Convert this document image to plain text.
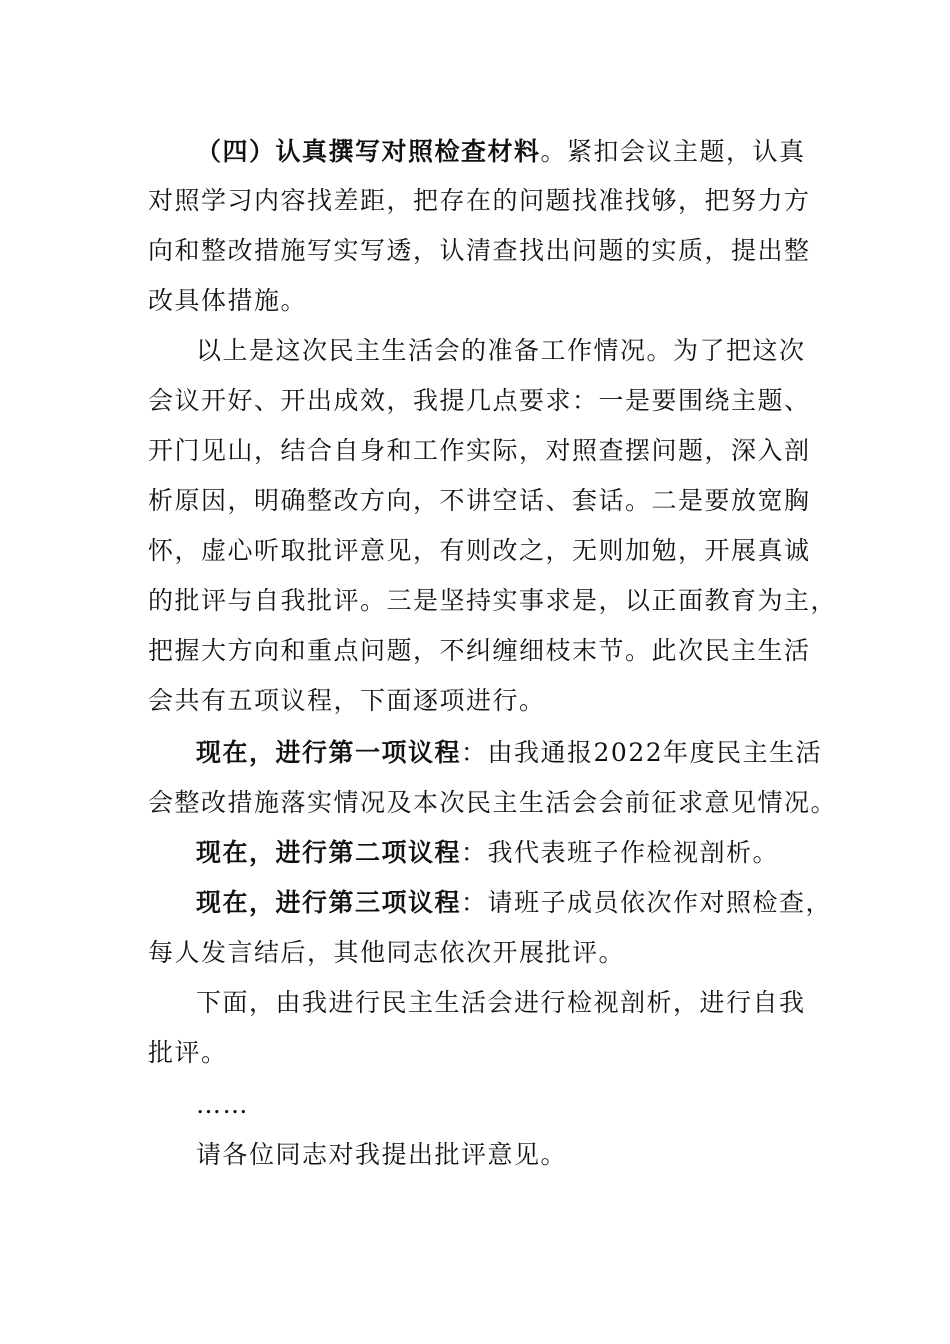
（四）认真撰写对照检查材料。紧扣会议主题，认真
对照学习内容找差距，把存在的问题找准找够，把努力方
向和整改措施写实写透，认清查找出问题的实质，提出整
改具体措施。
以上是这次民主生活会的准备工作情况。为了把这次
会议开好、开出成效，我提几点要求：一是要围绕主题、
开门见山，结合自身和工作实际，对照查摆问题，深入剖
析原因，明确整改方向，不讲空话、套话。二是要放宽胸
怀，虚心听取批评意见，有则改之，无则加勉，开展真诚
的批评与自我批评。三是坚持实事求是，以正面教育为主，
把握大方向和重点问题，不纠缠细枝末节。此次民主生活
会共有五项议程，下面逐项进行。
现在，进行第一项议程：由我通报2022年度民主生活
会整改措施落实情况及本次民主生活会会前征求意见情况。
现在，进行第二项议程：我代表班子作检视剖析。
现在，进行第三项议程：请班子成员依次作对照检查，
每人发言结后，其他同志依次开展批评。
下面，由我进行民主生活会进行检视剖析，进行自我
批评。
……
请各位同志对我提出批评意见。
